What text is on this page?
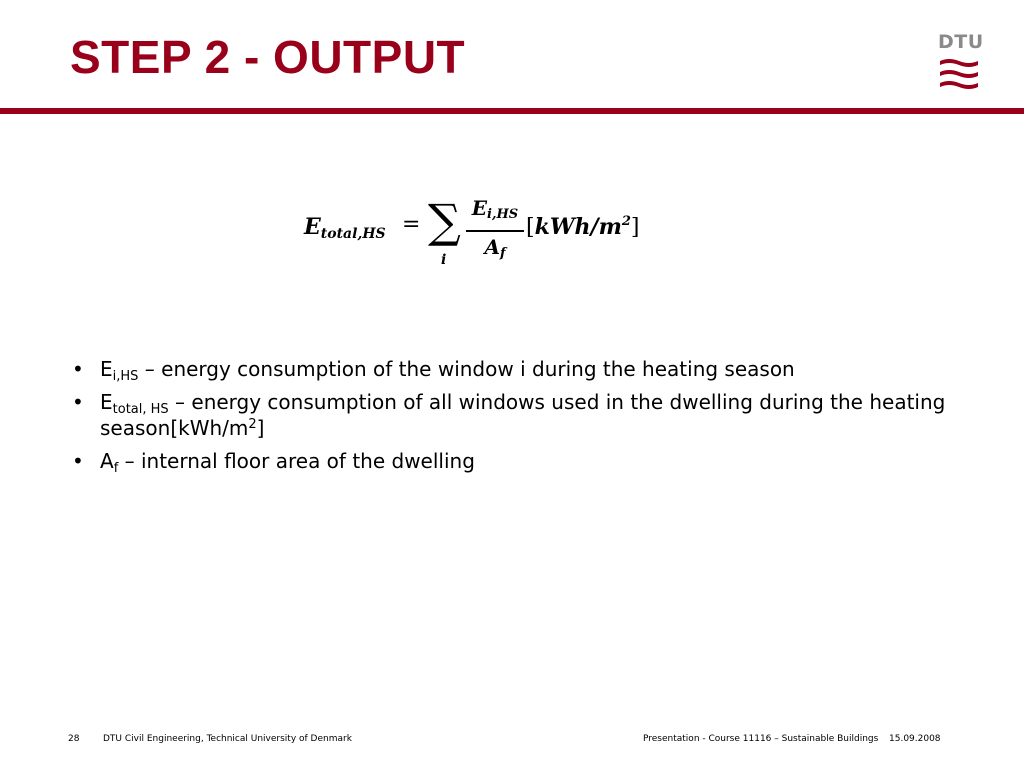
STEP 2 - OUTPUT	DTU
$E_{total,HS}$ = ∑
i
$E_{i,HS}$
$A_f$
$[kWh/m^2]$
• $E_{i,HS}$ – energy consumption of the window i during the heating season
• $E_{total, HS}$ – energy consumption of all windows used in the dwelling during the heating $season[kWh/m^2]$
• $A_f$ – internal floor area of the dwelling
28	DTU Civil Engineering, Technical University of Denmark	Presentation - Course 11116 – Sustainable Buildings 15.09.2008
